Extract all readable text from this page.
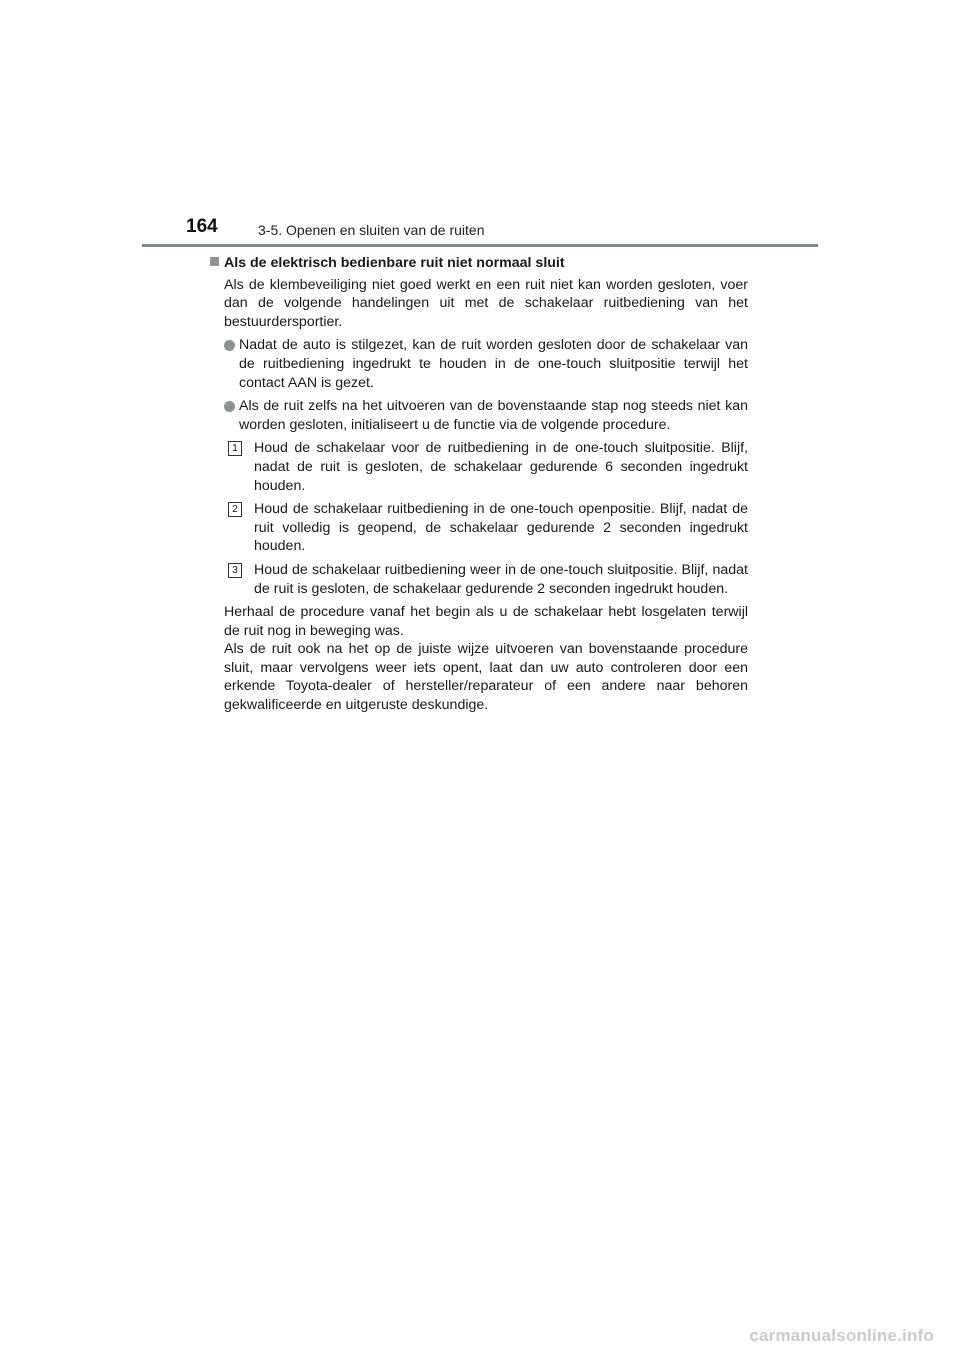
164	3-5. Openen en sluiten van de ruiten

Als de elektrisch bedienbare ruit niet normaal sluit

Als de klembeveiliging niet goed werkt en een ruit niet kan worden gesloten, voer dan de volgende handelingen uit met de schakelaar ruitbediening van het bestuurdersportier.

Nadat de auto is stilgezet, kan de ruit worden gesloten door de schakelaar van de ruitbediening ingedrukt te houden in de one-touch sluitpositie terwijl het contact AAN is gezet.
Als de ruit zelfs na het uitvoeren van de bovenstaande stap nog steeds niet kan worden gesloten, initialiseert u de functie via de volgende procedure.
1 Houd de schakelaar voor de ruitbediening in de one-touch sluitpositie. Blijf, nadat de ruit is gesloten, de schakelaar gedurende 6 seconden ingedrukt houden.
2 Houd de schakelaar ruitbediening in de one-touch openpositie. Blijf, nadat de ruit volledig is geopend, de schakelaar gedurende 2 seconden ingedrukt houden.
3 Houd de schakelaar ruitbediening weer in de one-touch sluitpositie. Blijf, nadat de ruit is gesloten, de schakelaar gedurende 2 seconden ingedrukt houden.

Herhaal de procedure vanaf het begin als u de schakelaar hebt losgelaten terwijl de ruit nog in beweging was.

Als de ruit ook na het op de juiste wijze uitvoeren van bovenstaande procedure sluit, maar vervolgens weer iets opent, laat dan uw auto controleren door een erkende Toyota-dealer of hersteller/reparateur of een andere naar behoren gekwalificeerde en uitgeruste deskundige.

carmanualsonline.info
